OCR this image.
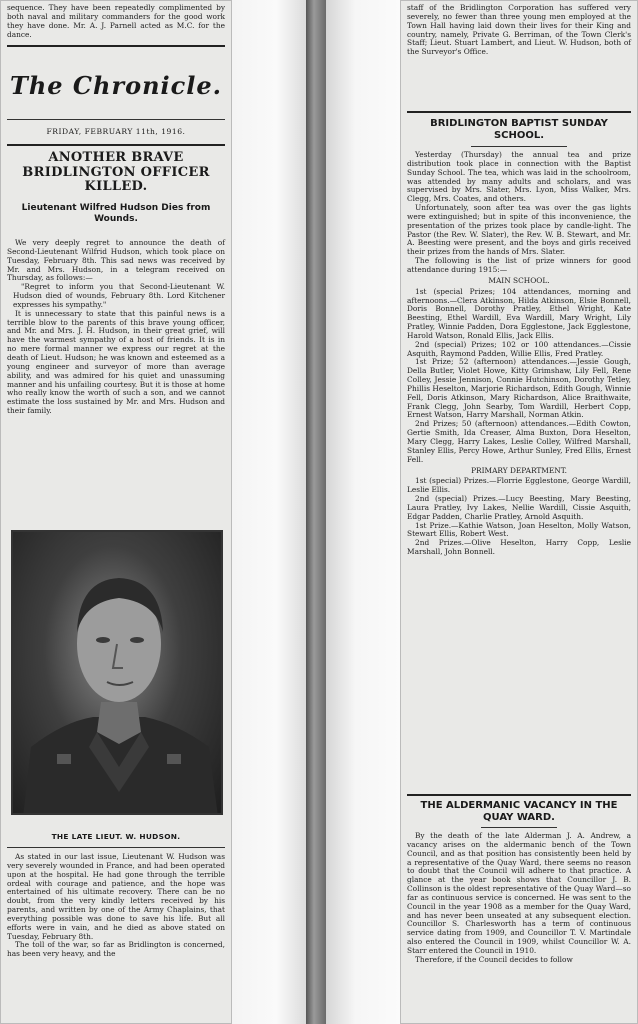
sequence. They have been repeatedly complimented by both naval and military commanders for the good work they have done. Mr. A. J. Parnell acted as M.C. for the dance.
The Chronicle.
FRIDAY, FEBRUARY 11th, 1916.
ANOTHER BRAVE BRIDLINGTON OFFICER KILLED.
Lieutenant Wilfred Hudson Dies from Wounds.

We very deeply regret to announce the death of Second-Lieutenant Wilfrid Hudson, which took place on Tuesday, February 8th. This sad news was received by Mr. and Mrs. Hudson, in a telegram received on Thursday, as follows:—

"Regret to inform you that Second-Lieutenant W. Hudson died of wounds, February 8th. Lord Kitchener expresses his sympathy."

It is unnecessary to state that this painful news is a terrible blow to the parents of this brave young officer, and Mr. and Mrs. J. H. Hudson, in their great grief, will have the warmest sympathy of a host of friends. It is in no mere formal manner we express our regret at the death of Lieut. Hudson; he was known and esteemed as a young engineer and surveyor of more than average ability, and was admired for his quiet and unassuming manner and his unfailing courtesy. But it is those at home who really know the worth of such a son, and we cannot estimate the loss sustained by Mr. and Mrs. Hudson and their family.

THE LATE LIEUT. W. HUDSON.

As stated in our last issue, Lieutenant W. Hudson was very severely wounded in France, and had been operated upon at the hospital. He had gone through the terrible ordeal with courage and patience, and the hope was entertained of his ultimate recovery. There can be no doubt, from the very kindly letters received by his parents, and written by one of the Army Chaplains, that everything possible was done to save his life. But all efforts were in vain, and he died as above stated on Tuesday, February 8th.

The toll of the war, so far as Bridlington is concerned, has been very heavy, and the

staff of the Bridlington Corporation has suffered very severely, no fewer than three young men employed at the Town Hall having laid down their lives for their King and country, namely, Private G. Berriman, of the Town Clerk's Staff; Lieut. Stuart Lambert, and Lieut. W. Hudson, both of the Surveyor's Office.
BRIDLINGTON BAPTIST SUNDAY SCHOOL.

Yesterday (Thursday) the annual tea and prize distribution took place in connection with the Baptist Sunday School. The tea, which was laid in the schoolroom, was attended by many adults and scholars, and was supervised by Mrs. Slater, Mrs. Lyon, Miss Walker, Mrs. Clegg, Mrs. Coates, and others.

Unfortunately, soon after tea was over the gas lights were extinguished; but in spite of this inconvenience, the presentation of the prizes took place by candle-light. The Pastor (the Rev. W. Slater), the Rev. W. B. Stewart, and Mr. A. Beesting were present, and the boys and girls received their prizes from the hands of Mrs. Slater.

The following is the list of prize winners for good attendance during 1915:—

MAIN SCHOOL.

1st (special Prizes; 104 attendances, morning and afternoons.—Clera Atkinson, Hilda Atkinson, Elsie Bonnell, Doris Bonnell, Dorothy Pratley, Ethel Wright, Kate Beesting, Ethel Wardill, Eva Wardill, Mary Wright, Lily Pratley, Winnie Padden, Dora Egglestone, Jack Egglestone, Harold Watson, Ronald Ellis, Jack Ellis.

2nd (special) Prizes; 102 or 100 attendances.—Cissie Asquith, Raymond Padden, Willie Ellis, Fred Pratley.

1st Prize; 52 (afternoon) attendances.—Jessie Gough, Della Butler, Violet Howe, Kitty Grimshaw, Lily Fell, Rene Colley, Jessie Jennison, Connie Hutchinson, Dorothy Tetley, Phillis Heselton, Marjorie Richardson, Edith Gough, Winnie Fell, Doris Atkinson, Mary Richardson, Alice Braithwaite, Frank Clegg, John Searby, Tom Wardill, Herbert Copp, Ernest Watson, Harry Marshall, Norman Atkin.

2nd Prizes; 50 (afternoon) attendances.—Edith Cowton, Gertie Smith, Ida Creaser, Alma Buxton, Dora Heselton, Mary Clegg, Harry Lakes, Leslie Colley, Wilfred Marshall, Stanley Ellis, Percy Howe, Arthur Sunley, Fred Ellis, Ernest Fell.

PRIMARY DEPARTMENT.

1st (special) Prizes.—Florrie Egglestone, George Wardill, Leslie Ellis.

2nd (special) Prizes.—Lucy Beesting, Mary Beesting, Laura Pratley, Ivy Lakes, Nellie Wardill, Cissie Asquith, Edgar Padden, Charlie Pratley, Arnold Asquith.

1st Prize.—Kathie Watson, Joan Heselton, Molly Watson, Stewart Ellis, Robert West.

2nd Prizes.—Olive Heselton, Harry Copp, Leslie Marshall, John Bonnell.

THE ALDERMANIC VACANCY IN THE QUAY WARD.

By the death of the late Alderman J. A. Andrew, a vacancy arises on the aldermanic bench of the Town Council, and as that position has consistently been held by a representative of the Quay Ward, there seems no reason to doubt that the Council will adhere to that practice. A glance at the year book shows that Councillor J. B. Collinson is the oldest representative of the Quay Ward—so far as continuous service is concerned. He was sent to the Council in the year 1908 as a member for the Quay Ward, and has never been unseated at any subsequent election. Councillor S. Charlesworth has a term of continuous service dating from 1909, and Councillor T. V. Martindale also entered the Council in 1909, whilst Councillor W. A. Starr entered the Council in 1910.

Therefore, if the Council decides to follow
